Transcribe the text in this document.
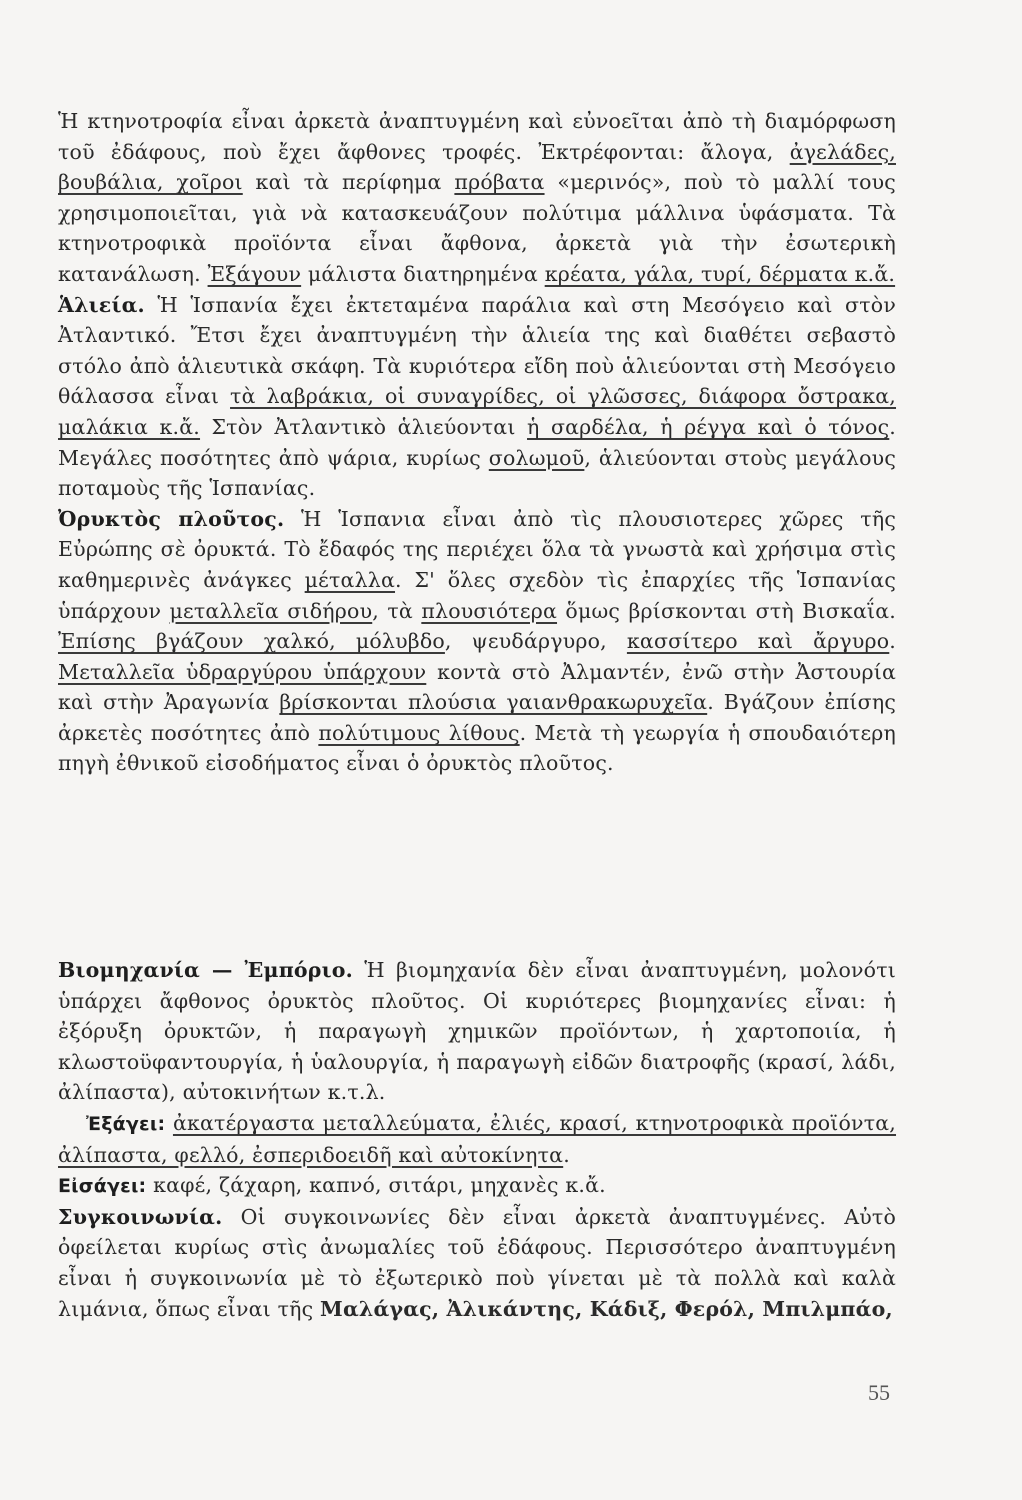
Ἡ κτηνοτροφία εἶναι ἀρκετὰ ἀναπτυγμένη καὶ εὐνοεῖται ἀπὸ τὴ διαμόρφωση τοῦ ἐδάφους, ποὺ ἔχει ἄφθονες τροφές. Ἐκτρέφονται: ἄλογα, ἀγελάδες, βουβάλια, χοῖροι καὶ τὰ περίφημα πρόβατα «μερινός», ποὺ τὸ μαλλί τους χρησιμοποιεῖται, γιὰ νὰ κατασκευάζουν πολύτιμα μάλλινα ὑφάσματα. Τὰ κτηνοτροφικὰ προϊόντα εἶναι ἄφθονα, ἀρκετὰ γιὰ τὴν ἐσωτερικὴ κατανάλωση. Ἐξάγουν μάλιστα διατηρημένα κρέατα, γάλα, τυρί, δέρματα κ.ἄ.

Ἁλιεία. Ἡ Ἱσπανία ἔχει ἐκτεταμένα παράλια καὶ στη Μεσόγειο καὶ στὸν Ἀτλαντικό. Ἔτσι ἔχει ἀναπτυγμένη τὴν ἁλιεία της καὶ διαθέτει σεβαστὸ στόλο ἀπὸ ἁλιευτικὰ σκάφη. Τὰ κυριότερα εἴδη ποὺ ἁλιεύονται στὴ Μεσόγειο θάλασσα εἶναι τὰ λαβράκια, οἱ συναγρίδες, οἱ γλῶσσες, διάφορα ὄστρακα, μαλάκια κ.ἄ. Στὸν Ἀτλαντικὸ ἁλιεύονται ἡ σαρδέλα, ἡ ρέγγα καὶ ὁ τόνος. Μεγάλες ποσότητες ἀπὸ ψάρια, κυρίως σολωμοῦ, ἁλιεύονται στοὺς μεγάλους ποταμοὺς τῆς Ἱσπανίας.

Ὀρυκτὸς πλοῦτος. Ἡ Ἱσπανια εἶναι ἀπὸ τὶς πλουσιοτερες χῶρες τῆς Εὐρώπης σὲ ὀρυκτά. Τὸ ἔδαφός της περιέχει ὅλα τὰ γνωστὰ καὶ χρήσιμα στὶς καθημερινὲς ἀνάγκες μέταλλα. Σ' ὅλες σχεδὸν τὶς ἐπαρχίες τῆς Ἱσπανίας ὑπάρχουν μεταλλεῖα σιδήρου, τὰ πλουσιότερα ὅμως βρίσκονται στὴ Βισκαΐα. Ἐπίσης βγάζουν χαλκό, μόλυβδο, ψευδάργυρο, κασσίτερο καὶ ἄργυρο. Μεταλλεῖα ὑδραργύρου ὑπάρχουν κοντὰ στὸ Ἀλμαντέν, ἐνῶ στὴν Ἀστουρία καὶ στὴν Ἀραγωνία βρίσκονται πλούσια γαιανθρακωρυχεῖα. Βγάζουν ἐπίσης ἀρκετὲς ποσότητες ἀπὸ πολύτιμους λίθους. Μετὰ τὴ γεωργία ἡ σπουδαιότερη πηγὴ ἐθνικοῦ εἰσοδήματος εἶναι ὁ ὀρυκτὸς πλοῦτος.

Βιομηχανία — Ἐμπόριο. Ἡ βιομηχανία δὲν εἶναι ἀναπτυγμένη, μολονότι ὑπάρχει ἄφθονος ὀρυκτὸς πλοῦτος. Οἱ κυριότερες βιομηχανίες εἶναι: ἡ ἐξόρυξη ὀρυκτῶν, ἡ παραγωγὴ χημικῶν προϊόντων, ἡ χαρτοποιία, ἡ κλωστοϋφαντουργία, ἡ ὑαλουργία, ἡ παραγωγὴ εἰδῶν διατροφῆς (κρασί, λάδι, ἀλίπαστα), αὐτοκινήτων κ.τ.λ.

Ἐξάγει: ἀκατέργαστα μεταλλεύματα, ἐλιές, κρασί, κτηνοτροφικὰ προϊόντα, ἀλίπαστα, φελλό, ἐσπεριδοειδῆ καὶ αὐτοκίνητα.

Εἰσάγει: καφέ, ζάχαρη, καπνό, σιτάρι, μηχανὲς κ.ἄ.

Συγκοινωνία. Οἱ συγκοινωνίες δὲν εἶναι ἀρκετὰ ἀναπτυγμένες. Αὐτὸ ὀφείλεται κυρίως στὶς ἀνωμαλίες τοῦ ἐδάφους. Περισσότερο ἀναπτυγμένη εἶναι ἡ συγκοινωνία μὲ τὸ ἐξωτερικὸ ποὺ γίνεται μὲ τὰ πολλὰ καὶ καλὰ λιμάνια, ὅπως εἶναι τῆς Μαλάγας, Ἀλικάντης, Κάδιξ, Φερόλ, Μπιλμπάο,

55
